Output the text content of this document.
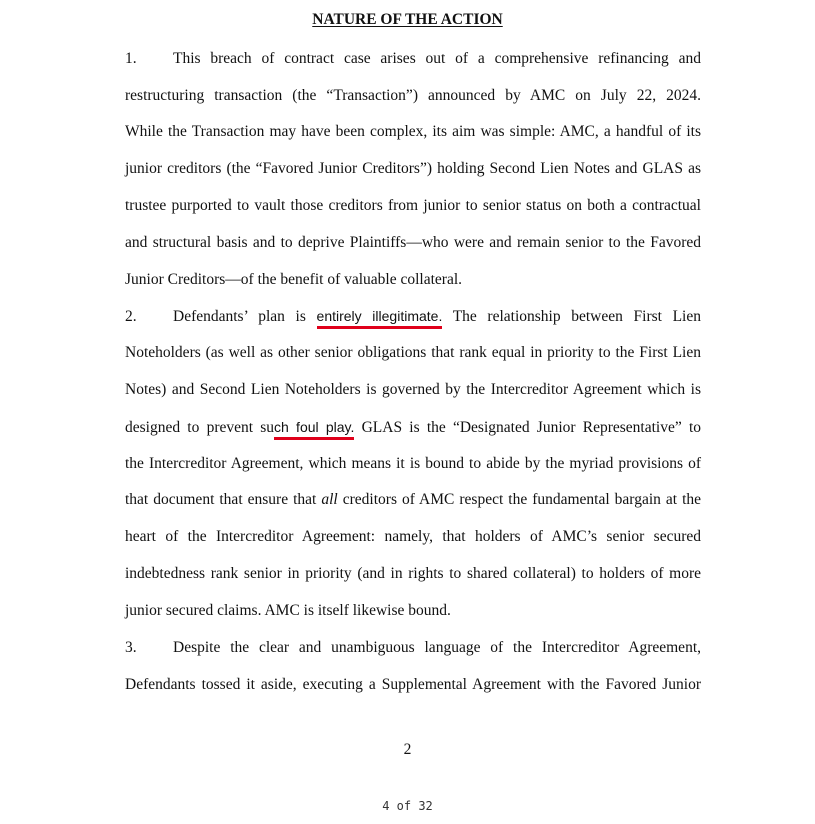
NATURE OF THE ACTION
1. This breach of contract case arises out of a comprehensive refinancing and
restructuring transaction (the “Transaction”) announced by AMC on July 22, 2024.
While the Transaction may have been complex, its aim was simple: AMC, a handful of its
junior creditors (the “Favored Junior Creditors”) holding Second Lien Notes and GLAS as
trustee purported to vault those creditors from junior to senior status on both a contractual
and structural basis and to deprive Plaintiffs—who were and remain senior to the Favored
Junior Creditors—of the benefit of valuable collateral.
2. Defendants’ plan is entirely illegitimate. The relationship between First Lien
Noteholders (as well as other senior obligations that rank equal in priority to the First Lien
Notes) and Second Lien Noteholders is governed by the Intercreditor Agreement which is
designed to prevent such foul play. GLAS is the “Designated Junior Representative” to
the Intercreditor Agreement, which means it is bound to abide by the myriad provisions of
that document that ensure that all creditors of AMC respect the fundamental bargain at the
heart of the Intercreditor Agreement: namely, that holders of AMC’s senior secured
indebtedness rank senior in priority (and in rights to shared collateral) to holders of more
junior secured claims. AMC is itself likewise bound.
3. Despite the clear and unambiguous language of the Intercreditor Agreement,
Defendants tossed it aside, executing a Supplemental Agreement with the Favored Junior
2
4 of 32
